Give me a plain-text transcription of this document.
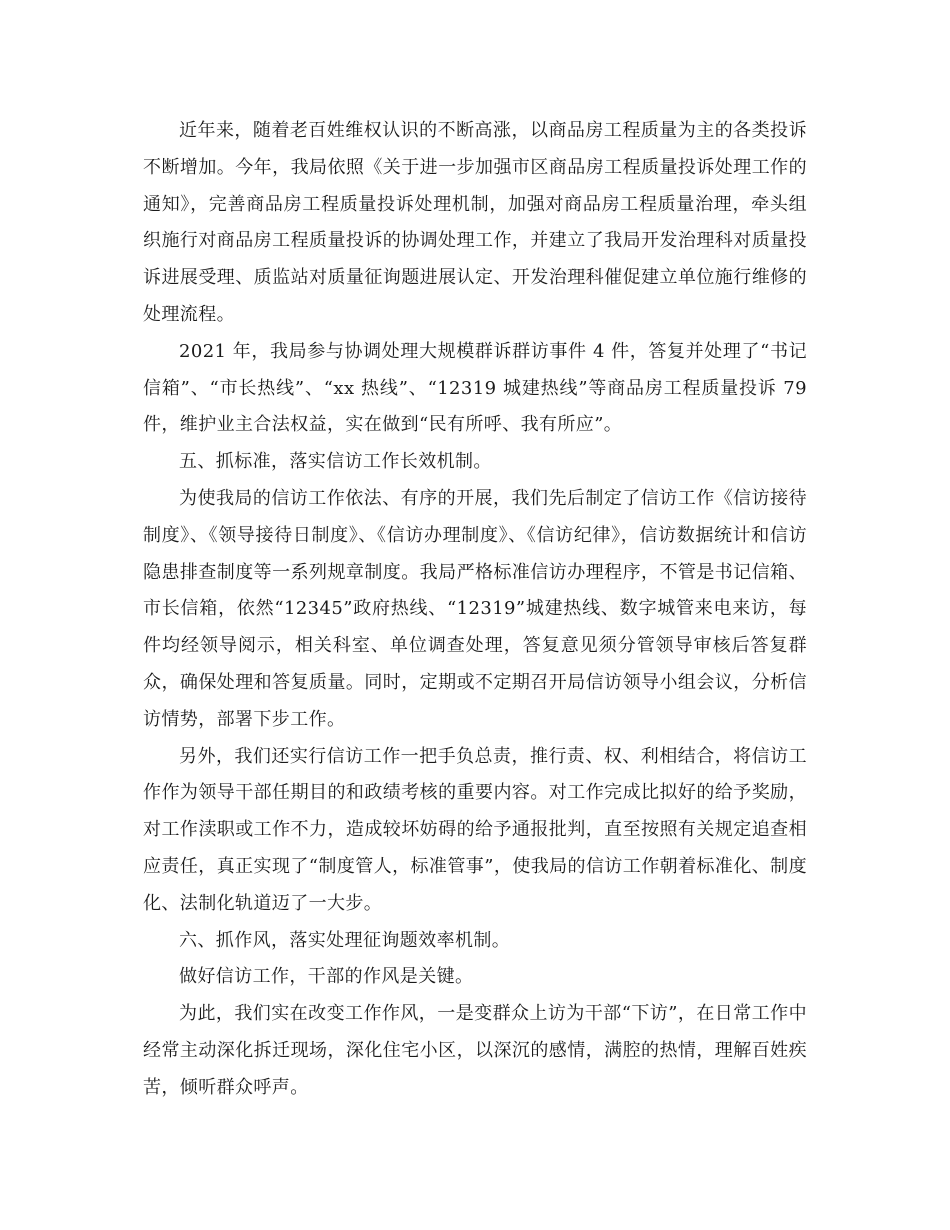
近年来，随着老百姓维权认识的不断高涨，以商品房工程质量为主的各类投诉不断增加。今年，我局依照《关于进一步加强市区商品房工程质量投诉处理工作的通知》，完善商品房工程质量投诉处理机制，加强对商品房工程质量治理，牵头组织施行对商品房工程质量投诉的协调处理工作，并建立了我局开发治理科对质量投诉进展受理、质监站对质量征询题进展认定、开发治理科催促建立单位施行维修的处理流程。

2021 年，我局参与协调处理大规模群诉群访事件 4 件，答复并处理了“书记信箱”、“市长热线”、“xx 热线”、“12319 城建热线”等商品房工程质量投诉 79 件，维护业主合法权益，实在做到“民有所呼、我有所应”。

五、抓标准，落实信访工作长效机制。

为使我局的信访工作依法、有序的开展，我们先后制定了信访工作《信访接待制度》、《领导接待日制度》、《信访办理制度》、《信访纪律》，信访数据统计和信访隐患排查制度等一系列规章制度。我局严格标准信访办理程序，不管是书记信箱、市长信箱，依然“12345”政府热线、“12319”城建热线、数字城管来电来访，每件均经领导阅示，相关科室、单位调查处理，答复意见须分管领导审核后答复群众，确保处理和答复质量。同时，定期或不定期召开局信访领导小组会议，分析信访情势，部署下步工作。

另外，我们还实行信访工作一把手负总责，推行责、权、利相结合，将信访工作作为领导干部任期目的和政绩考核的重要内容。对工作完成比拟好的给予奖励，对工作渎职或工作不力，造成较坏妨碍的给予通报批判，直至按照有关规定追查相应责任，真正实现了“制度管人，标准管事”，使我局的信访工作朝着标准化、制度化、法制化轨道迈了一大步。

六、抓作风，落实处理征询题效率机制。

做好信访工作，干部的作风是关键。

为此，我们实在改变工作作风，一是变群众上访为干部“下访”，在日常工作中经常主动深化拆迁现场，深化住宅小区，以深沉的感情，满腔的热情，理解百姓疾苦，倾听群众呼声。
